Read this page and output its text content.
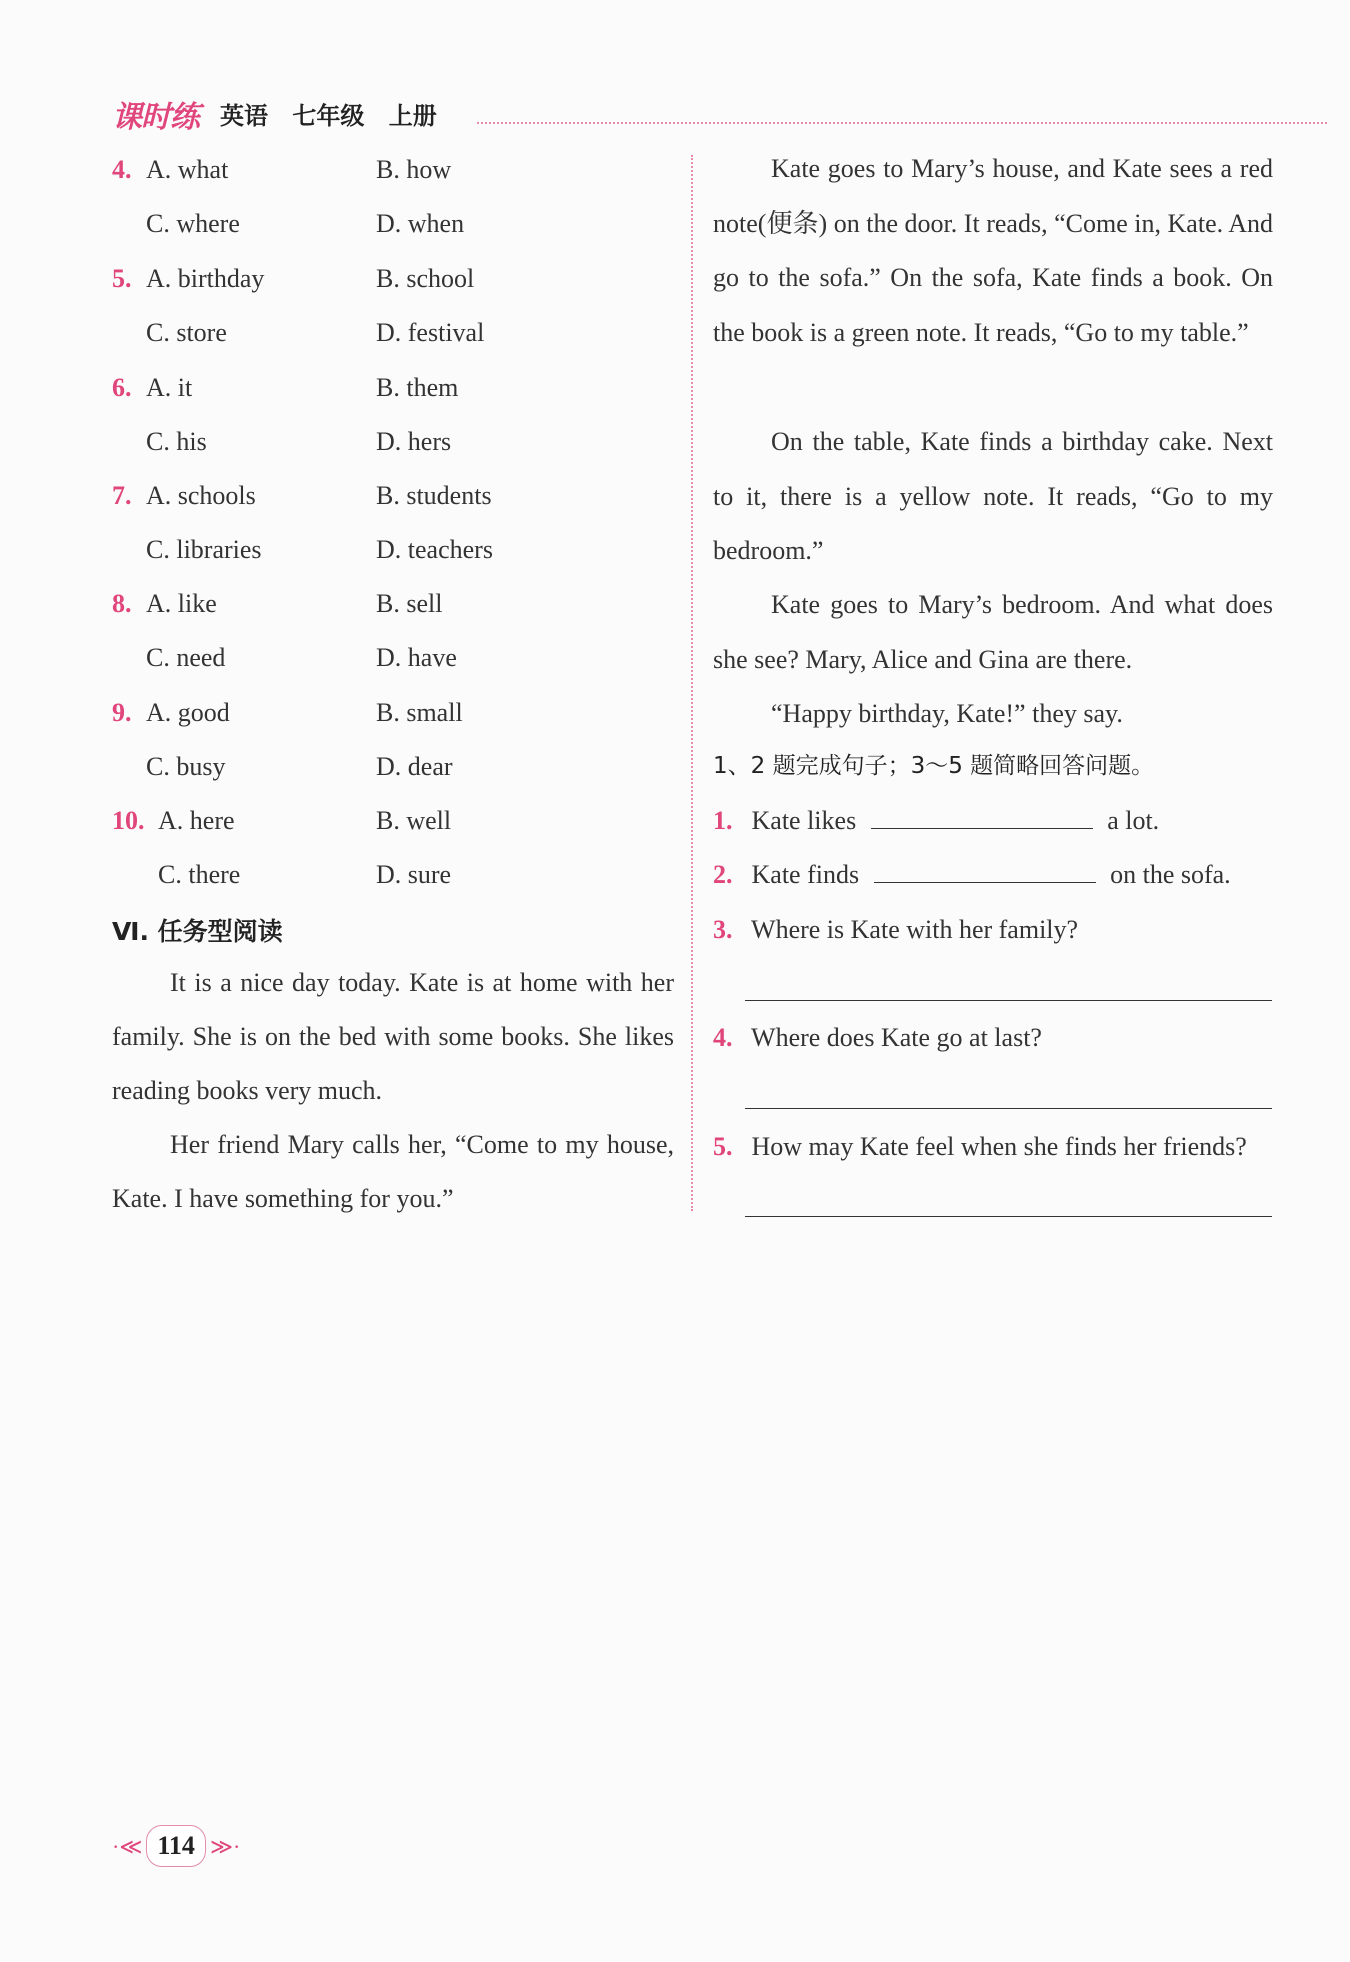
课时练 英语 七年级 上册
4. A. what	B. how
C. where	D. when
5. A. birthday	B. school
C. store	D. festival
6. A. it	B. them
C. his	D. hers
7. A. schools	B. students
C. libraries	D. teachers
8. A. like	B. sell
C. need	D. have
9. A. good	B. small
C. busy	D. dear
10. A. here	B. well
C. there	D. sure
Ⅵ. 任务型阅读
It is a nice day today. Kate is at home with her family. She is on the bed with some books. She likes reading books very much.
Her friend Mary calls her, “Come to my house, Kate. I have something for you.”
Kate goes to Mary’s house, and Kate sees a red note(便条) on the door. It reads, “Come in, Kate. And go to the sofa.” On the sofa, Kate finds a book. On the book is a green note. It reads, “Go to my table.”
On the table, Kate finds a birthday cake. Next to it, there is a yellow note. It reads, “Go to my bedroom.”
Kate goes to Mary’s bedroom. And what does she see? Mary, Alice and Gina are there.
“Happy birthday, Kate!” they say.
1、2 题完成句子；3～5 题简略回答问题。
1. Kate likes	a lot.
2. Kate finds	on the sofa.
3. Where is Kate with her family?
4. Where does Kate go at last?
5. How may Kate feel when she finds her friends?
·≪ 114 ≫·
